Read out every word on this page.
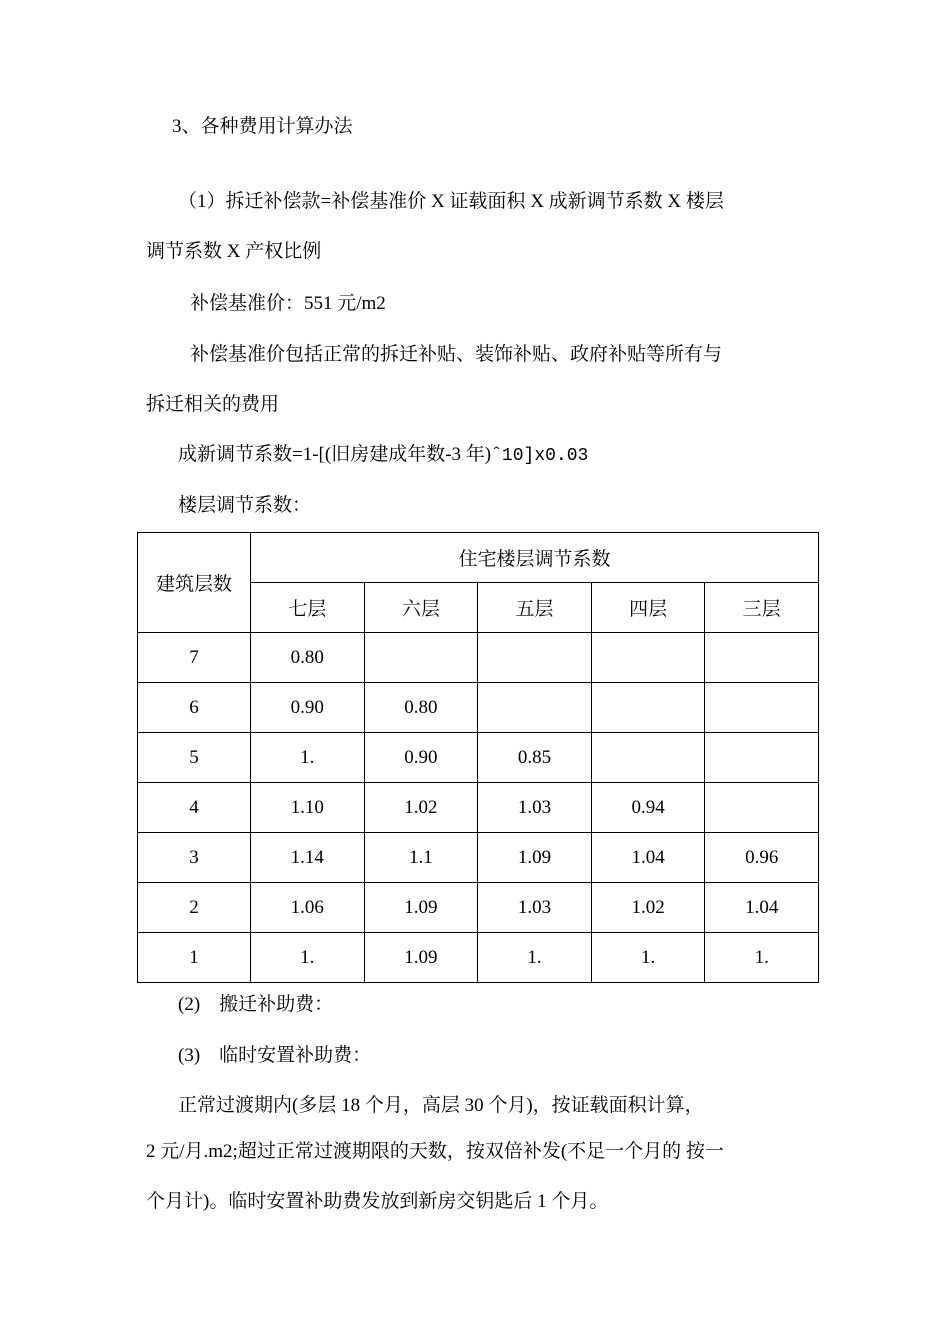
3、各种费用计算办法
（1）拆迁补偿款=补偿基准价 X 证载面积 X 成新调节系数 X 楼层
调节系数 X 产权比例
补偿基准价：551 元/m2
补偿基准价包括正常的拆迁补贴、装饰补贴、政府补贴等所有与
拆迁相关的费用
成新调节系数=1-[(旧房建成年数-3 年)ˆ10]x0.03
楼层调节系数：
建筑层数	住宅楼层调节系数				
	七层	六层	五层	四层	三层
7	0.80				
6	0.90	0.80			
5	1.	0.90	0.85		
4	1.10	1.02	1.03	0.94	
3	1.14	1.1	1.09	1.04	0.96
2	1.06	1.09	1.03	1.02	1.04
1	1.	1.09	1.	1.	1.
(2)　搬迁补助费：
(3)　临时安置补助费：
正常过渡期内(多层 18 个月，高层 30 个月)，按证载面积计算，
2 元/月.m2;超过正常过渡期限的天数，按双倍补发(不足一个月的 按一
个月计)。临时安置补助费发放到新房交钥匙后 1 个月。
